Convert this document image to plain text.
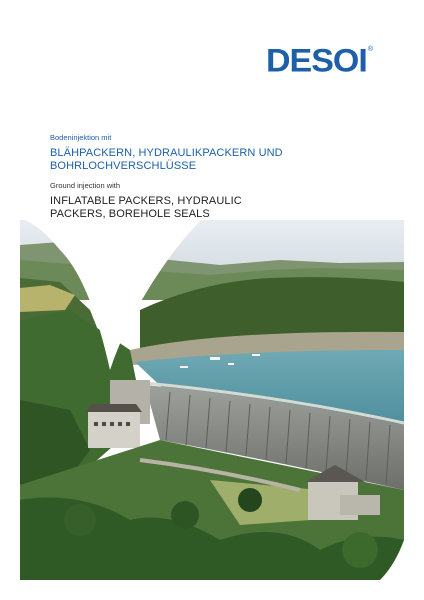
DESOI ®
Bodeninjektion mit
BLÄHPACKERN, HYDRAULIKPACKERN UND
BOHRLOCHVERSCHLÜSSE
Ground injection with
INFLATABLE PACKERS, HYDRAULIC
PACKERS, BOREHOLE SEALS
